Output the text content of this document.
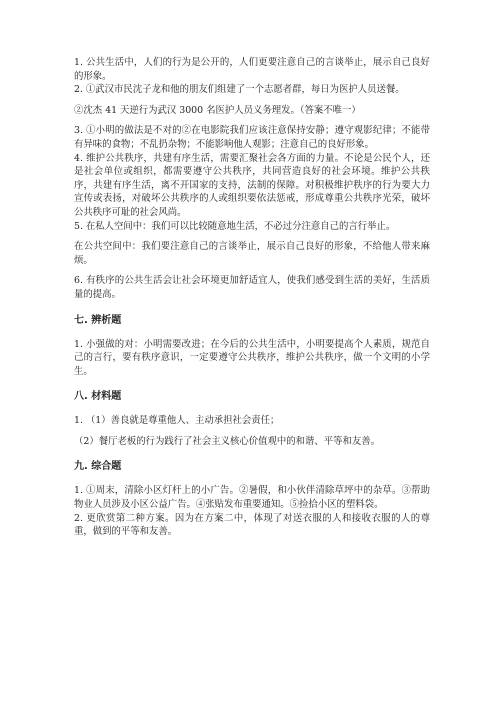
1. 公共生活中，人们的行为是公开的，人们更要注意自己的言谈举止，展示自己良好的形象。

2. ①武汉市民沈子龙和他的朋友们组建了一个志愿者群，每日为医护人员送餐。

②沈杰 41 天逆行为武汉 3000 名医护人员义务理发。（答案不唯一）

3. ①小明的做法是不对的②在电影院我们应该注意保持安静；遵守观影纪律；不能带有异味的食物；不乱扔杂物；不能影响他人观影；注意自己的良好形象。

4. 维护公共秩序，共建有序生活，需要汇聚社会各方面的力量。不论是公民个人，还是社会单位或组织，都需要遵守公共秩序，共同营造良好的社会环境。维护公共秩序，共建有序生活，离不开国家的支持，法制的保障。对积极维护秩序的行为要大力宣传或表扬，对破坏公共秩序的人或组织要依法惩戒，形成尊重公共秩序光荣，破坏公共秩序可耻的社会风尚。

5. 在私人空间中：我们可以比较随意地生活，不必过分注意自己的言行举止。

在公共空间中：我们要注意自己的言谈举止，展示自己良好的形象，不给他人带来麻烦。

6. 有秩序的公共生活会让社会环境更加舒适宜人，使我们感受到生活的美好，生活质量的提高。

七. 辨析题

1. 小强做的对：小明需要改进；在今后的公共生活中，小明要提高个人素质，规范自己的言行，要有秩序意识，一定要遵守公共秩序，维护公共秩序，做一个文明的小学生。

八. 材料题

1. （1）善良就是尊重他人、主动承担社会责任；

（2）餐厅老板的行为践行了社会主义核心价值观中的和谐、平等和友善。

九. 综合题

1. ①周末，清除小区灯杆上的小广告。②暑假，和小伙伴清除草坪中的杂草。③帮助物业人员涉及小区公益广告。④张贴发布重要通知。⑤捡拾小区的塑料袋。

2. 更欣赏第二种方案。因为在方案二中，体现了对送衣服的人和接收衣服的人的尊重，做到的平等和友善。
